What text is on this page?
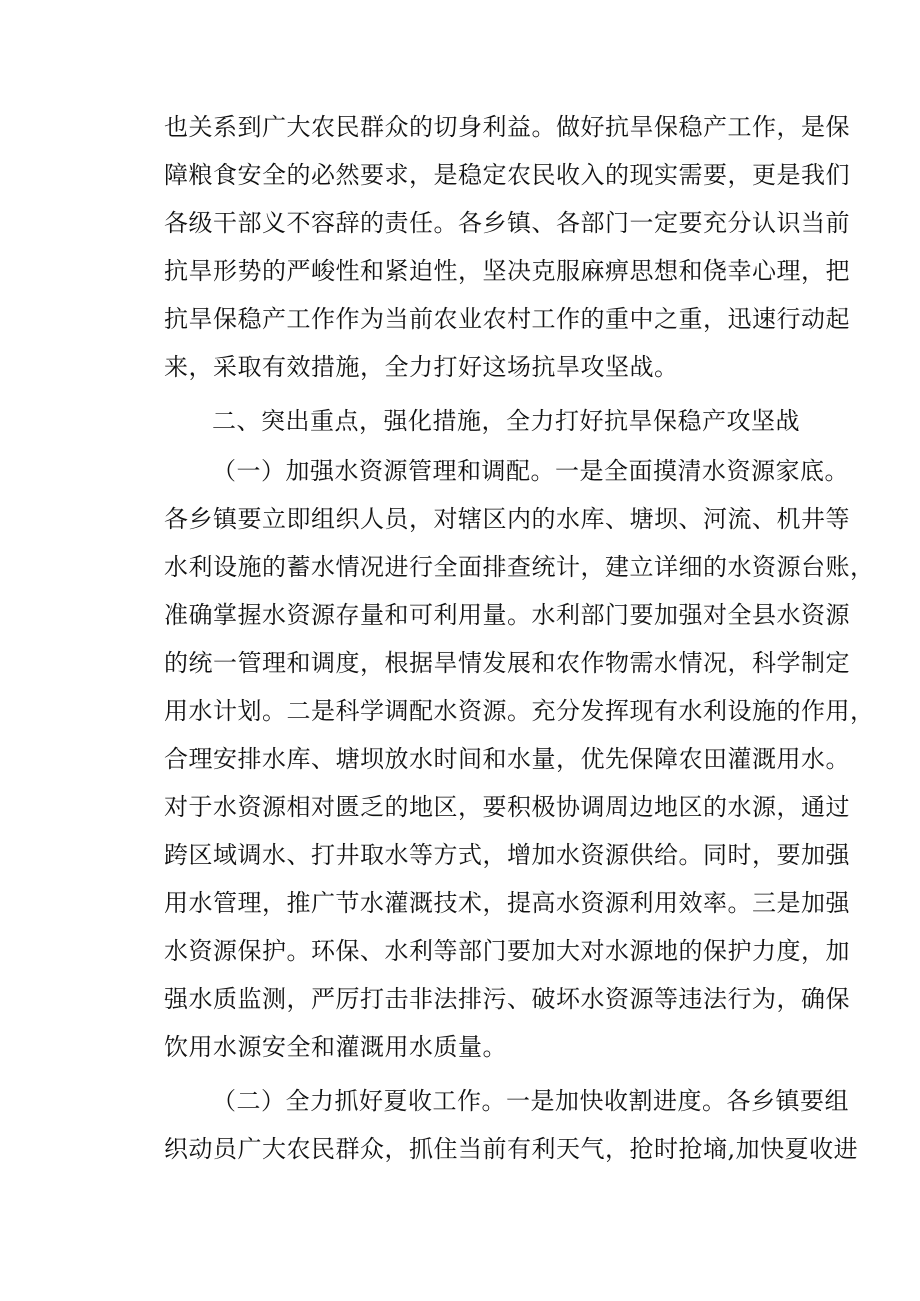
也关系到广大农民群众的切身利益。做好抗旱保稳产工作，是保
障粮食安全的必然要求，是稳定农民收入的现实需要，更是我们
各级干部义不容辞的责任。各乡镇、各部门一定要充分认识当前
抗旱形势的严峻性和紧迫性，坚决克服麻痹思想和侥幸心理，把
抗旱保稳产工作作为当前农业农村工作的重中之重，迅速行动起
来，采取有效措施，全力打好这场抗旱攻坚战。
二、突出重点，强化措施，全力打好抗旱保稳产攻坚战
（一）加强水资源管理和调配。一是全面摸清水资源家底。
各乡镇要立即组织人员，对辖区内的水库、塘坝、河流、机井等
水利设施的蓄水情况进行全面排查统计，建立详细的水资源台账，
准确掌握水资源存量和可利用量。水利部门要加强对全县水资源
的统一管理和调度，根据旱情发展和农作物需水情况，科学制定
用水计划。二是科学调配水资源。充分发挥现有水利设施的作用，
合理安排水库、塘坝放水时间和水量，优先保障农田灌溉用水。
对于水资源相对匮乏的地区，要积极协调周边地区的水源，通过
跨区域调水、打井取水等方式，增加水资源供给。同时，要加强
用水管理，推广节水灌溉技术，提高水资源利用效率。三是加强
水资源保护。环保、水利等部门要加大对水源地的保护力度，加
强水质监测，严厉打击非法排污、破坏水资源等违法行为，确保
饮用水源安全和灌溉用水质量。
（二）全力抓好夏收工作。一是加快收割进度。各乡镇要组
织动员广大农民群众，抓住当前有利天气，抢时抢墒,加快夏收进
